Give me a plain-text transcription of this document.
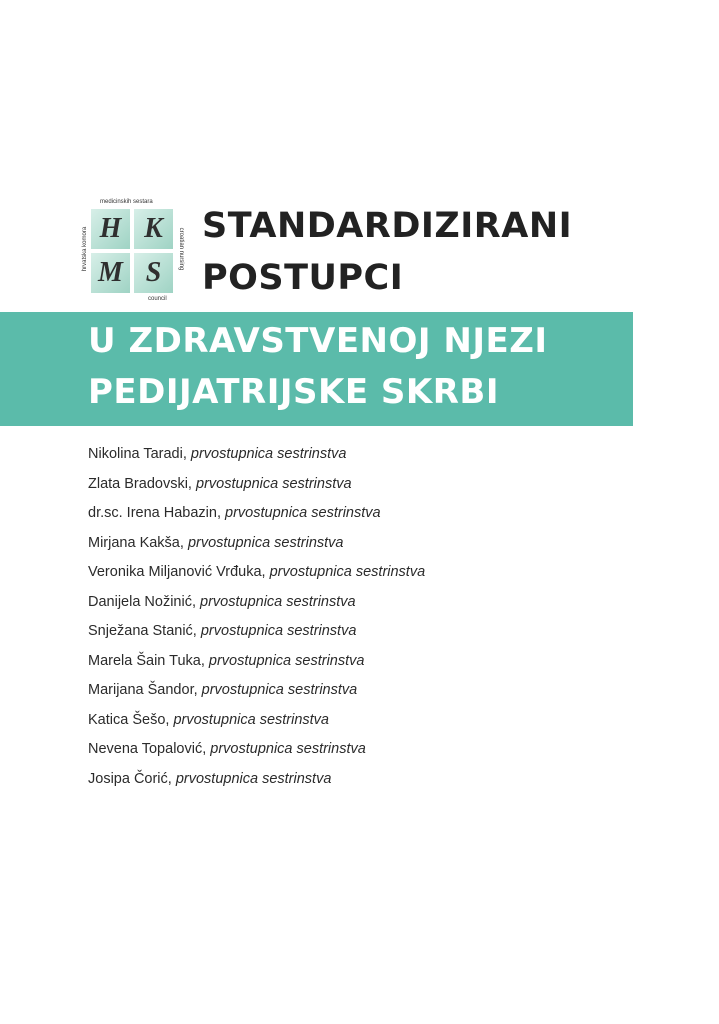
medicinskih sestara
hrvatska komora	croatian nursing
council
H K
M S
STANDARDIZIRANI
POSTUPCI
U ZDRAVSTVENOJ NJEZI
PEDIJATRIJSKE SKRBI
Nikolina Taradi, prvostupnica sestrinstva
Zlata Bradovski, prvostupnica sestrinstva
dr.sc. Irena Habazin, prvostupnica sestrinstva
Mirjana Kakša, prvostupnica sestrinstva
Veronika Miljanović Vrđuka, prvostupnica sestrinstva
Danijela Nožinić, prvostupnica sestrinstva
Snježana Stanić, prvostupnica sestrinstva
Marela Šain Tuka, prvostupnica sestrinstva
Marijana Šandor, prvostupnica sestrinstva
Katica Šešo, prvostupnica sestrinstva
Nevena Topalović, prvostupnica sestrinstva
Josipa Čorić, prvostupnica sestrinstva
